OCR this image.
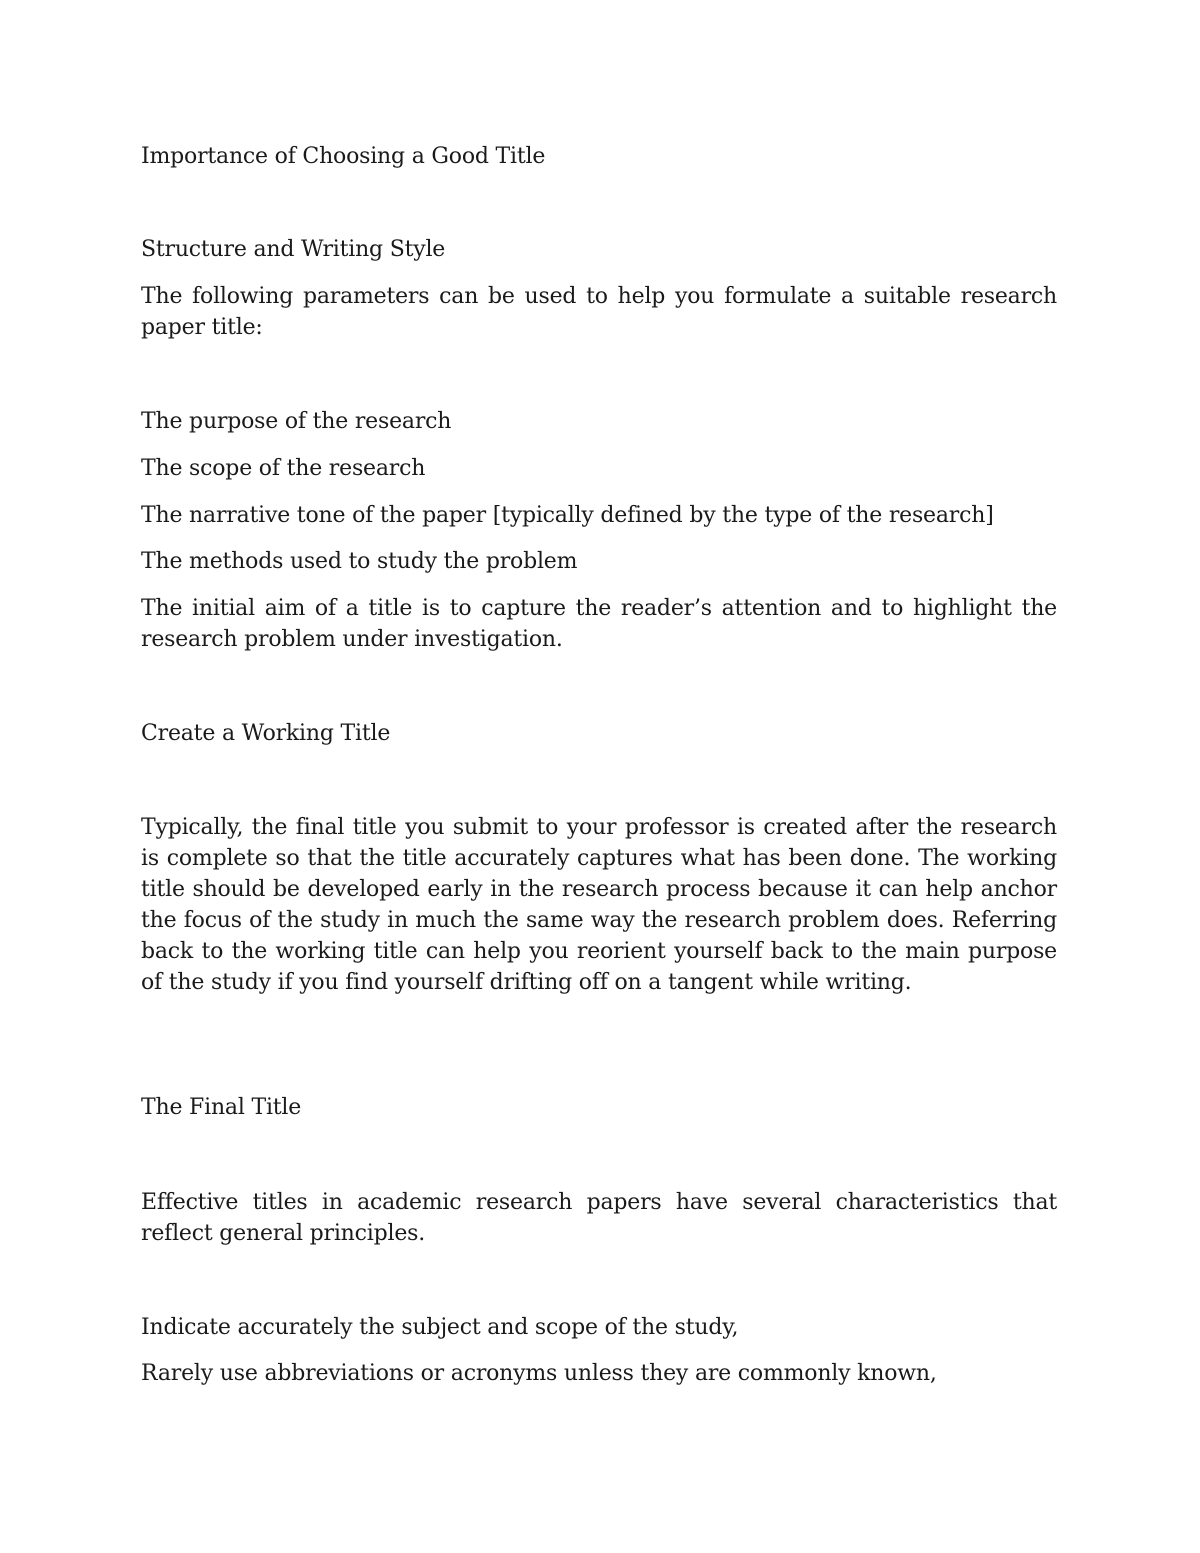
Importance of Choosing a Good Title

Structure and Writing Style

The following parameters can be used to help you formulate a suitable research paper title:

The purpose of the research

The scope of the research

The narrative tone of the paper [typically defined by the type of the research]

The methods used to study the problem

The initial aim of a title is to capture the reader’s attention and to highlight the research problem under investigation.

Create a Working Title

Typically, the final title you submit to your professor is created after the research is complete so that the title accurately captures what has been done. The working title should be developed early in the research process because it can help anchor the focus of the study in much the same way the research problem does. Referring back to the working title can help you reorient yourself back to the main purpose of the study if you find yourself drifting off on a tangent while writing.

The Final Title

Effective titles in academic research papers have several characteristics that reflect general principles.

Indicate accurately the subject and scope of the study,

Rarely use abbreviations or acronyms unless they are commonly known,
